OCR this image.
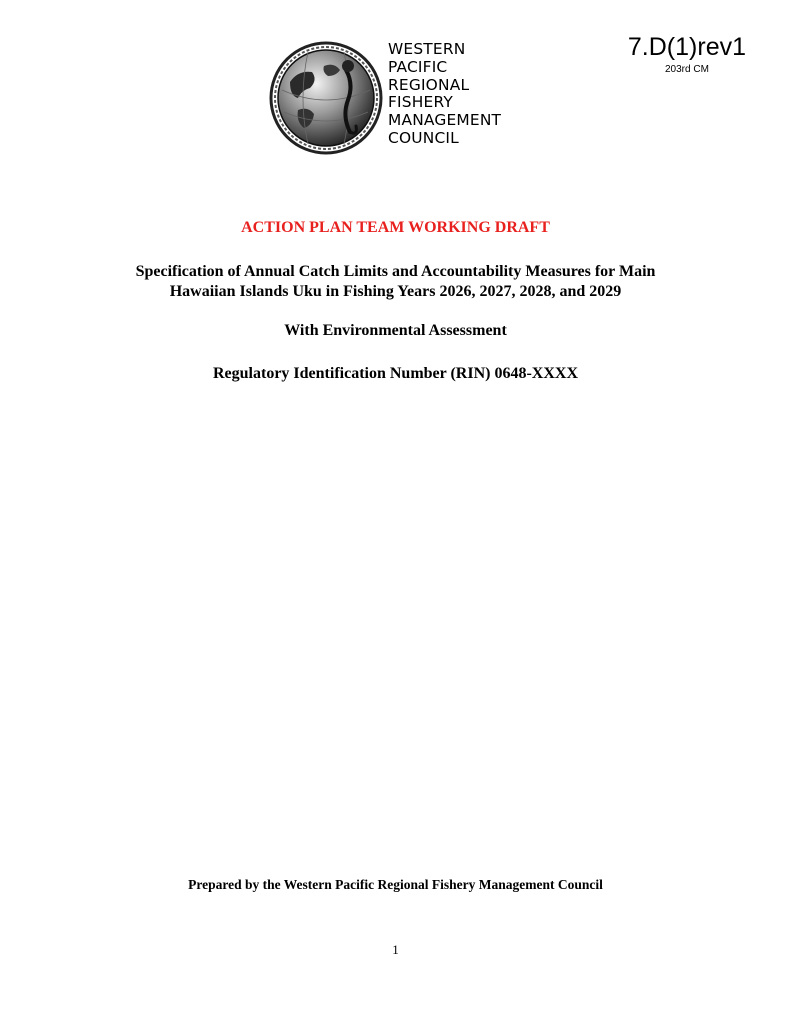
WESTERN
PACIFIC
REGIONAL
FISHERY
MANAGEMENT
COUNCIL
7.D(1)rev1
203rd CM
ACTION PLAN TEAM WORKING DRAFT
Specification of Annual Catch Limits and Accountability Measures for Main
Hawaiian Islands Uku in Fishing Years 2026, 2027, 2028, and 2029
With Environmental Assessment
Regulatory Identification Number (RIN) 0648-XXXX
Prepared by the Western Pacific Regional Fishery Management Council
1
